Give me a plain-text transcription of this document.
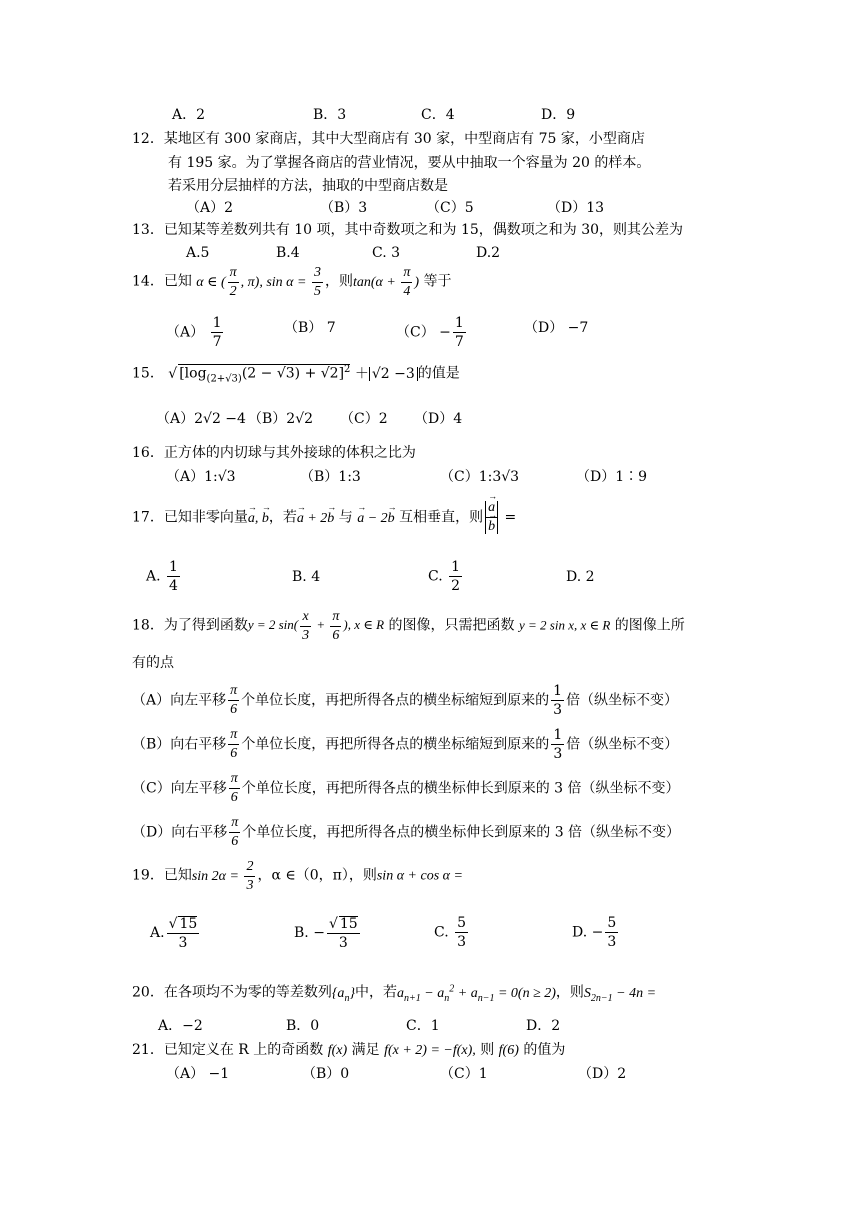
A．2	B．3	C．4	D．9
12．某地区有 300 家商店，其中大型商店有 30 家，中型商店有 75 家，小型商店
有 195 家。为了掌握各商店的营业情况，要从中抽取一个容量为 20 的样本。
若采用分层抽样的方法，抽取的中型商店数是
（A）2	（B）3	（C）5	（D）13
13．已知某等差数列共有 10 项，其中奇数项之和为 15，偶数项之和为 30，则其公差为
A.5	B.4	C. 3	D.2
14．已知 α ∈ ( $\frac{\pi}{2}$ , π), $\sin \alpha = \frac{3}{5}$ ，则$\tan(\alpha + \frac{\pi}{4}$ ) 等于
$(A) \frac{1}{7}$	（B） 7	$(C) - \frac{1}{7}$	（D） −7
15． √ $[\log_{(2+√3)}(2 - √3) + √2]^2 + √2 -3$ 的值是
（A）2√2 −4 （B）2√2 （C）2 （D）4
16．正方体的内切球与其外接球的体积之比为
（A）1:√3	（B）1:3	（C）1:3√3	（D）1∶9
17．已知非零向量→ a, → b，若→ a + 2→ b 与 → a − 2→ b 互相垂直，则 → a
→ b =
A. $\frac{1}{4}$	B. 4	C. $\frac{1}{2}$	D. 2
18．为了得到函数y = 2 $\sin( \frac{x}{3} + \frac{\pi}{6}$ ), x ∈ R 的图像，只需把函数 y = 2 sin x, x ∈ R 的图像上所
有的点
（A）向左平移 $\frac{\pi}{6}$ 个单位长度，再把所得各点的横坐标缩短到原来的 $\frac{1}{3}$ 倍（纵坐标不变）
（B）向右平移 $\frac{\pi}{6}$ 个单位长度，再把所得各点的横坐标缩短到原来的 $\frac{1}{3}$ 倍（纵坐标不变）
（C）向左平移 $\frac{\pi}{6}$ 个单位长度，再把所得各点的横坐标伸长到原来的 3 倍（纵坐标不变）
（D）向右平移 $\frac{\pi}{6}$ 个单位长度，再把所得各点的横坐标伸长到原来的 3 倍（纵坐标不变）
19．已知$\sin 2\alpha = \frac{2}{3}$ ，α ∈（0，π），则sin α + cos α =
A. $\frac{√ 15}{3}$	B. − $\frac{√ 15}{3}$	C. $\frac{5}{3}$	D. − $\frac{5}{3}$
20．在各项均不为零的等差数列$\{a_n\}$中，若$a_{n+1} - a_n^2 + a_{n-1} = 0(n \ge 2)$，则$S_{2n-1} - 4n$ =
A．−2	B．0	C．1	D．2
21．已知定义在 R 上的奇函数 f(x) 满足 f(x + 2) = −f(x), 则 f(6) 的值为
（A） −1	（B）0	（C）1	（D）2
